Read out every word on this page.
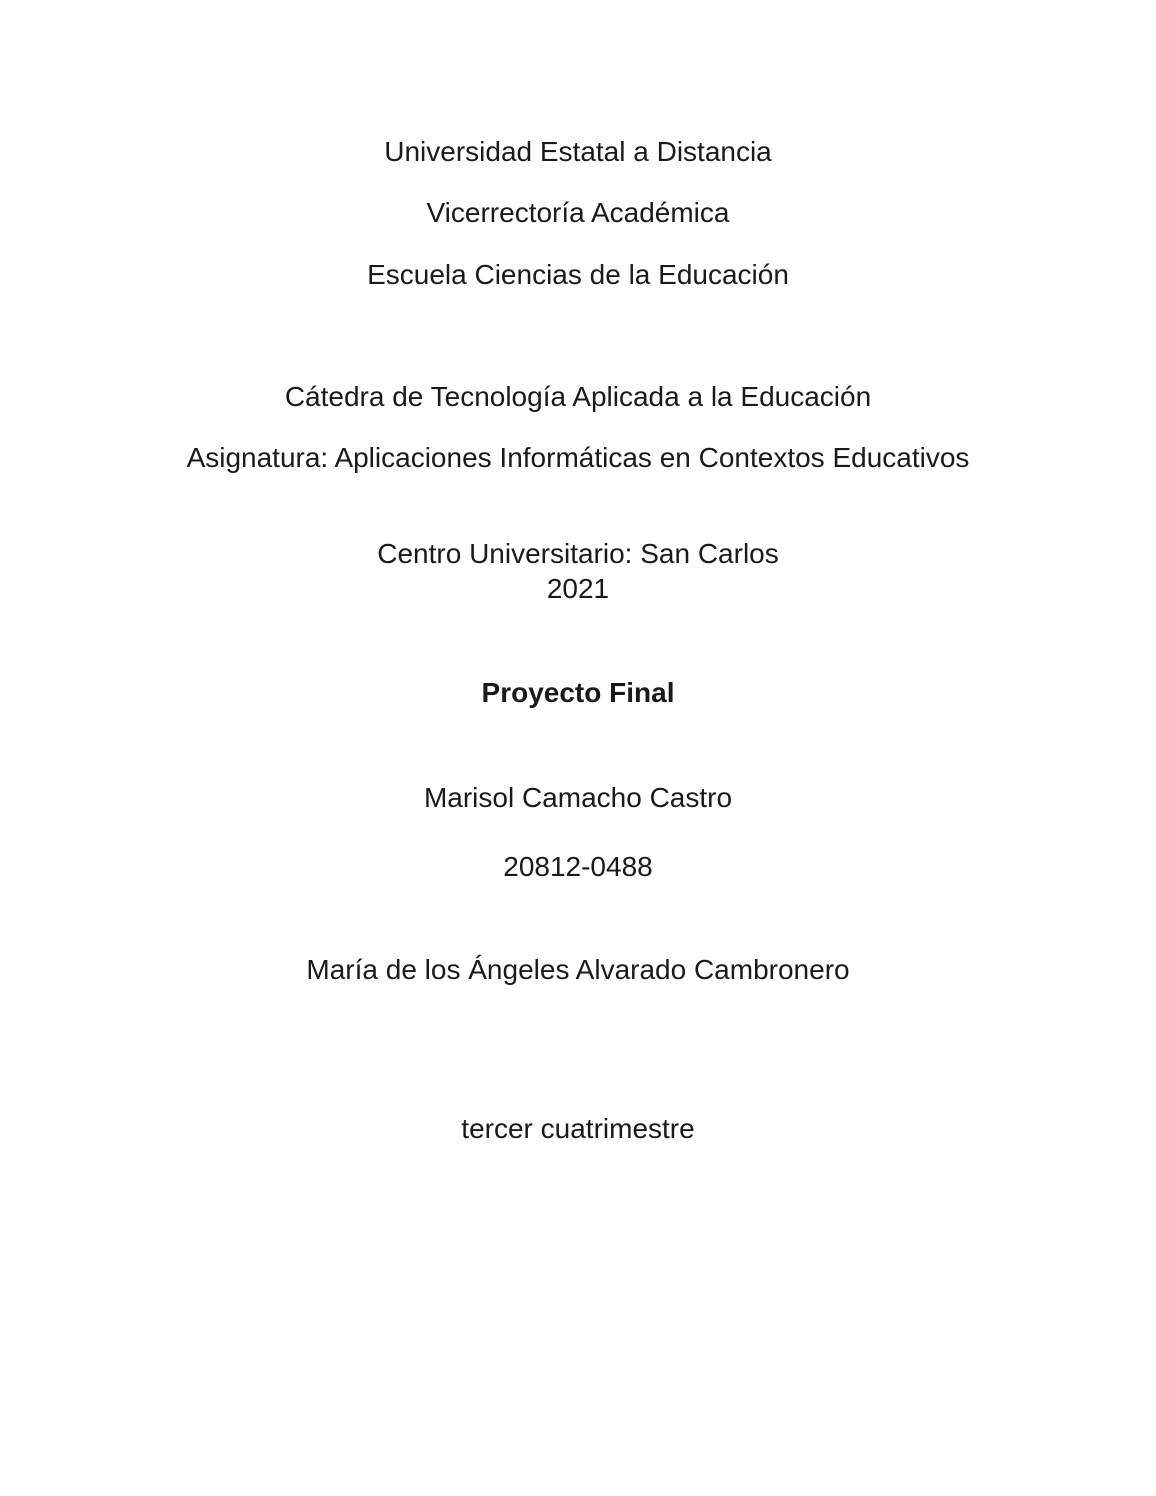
Universidad Estatal a Distancia
Vicerrectoría Académica
Escuela Ciencias de la Educación
Cátedra de Tecnología Aplicada a la Educación
Asignatura: Aplicaciones Informáticas en Contextos Educativos
Centro Universitario: San Carlos
2021
Proyecto Final
Marisol Camacho Castro
20812-0488
María de los Ángeles Alvarado Cambronero
tercer cuatrimestre
